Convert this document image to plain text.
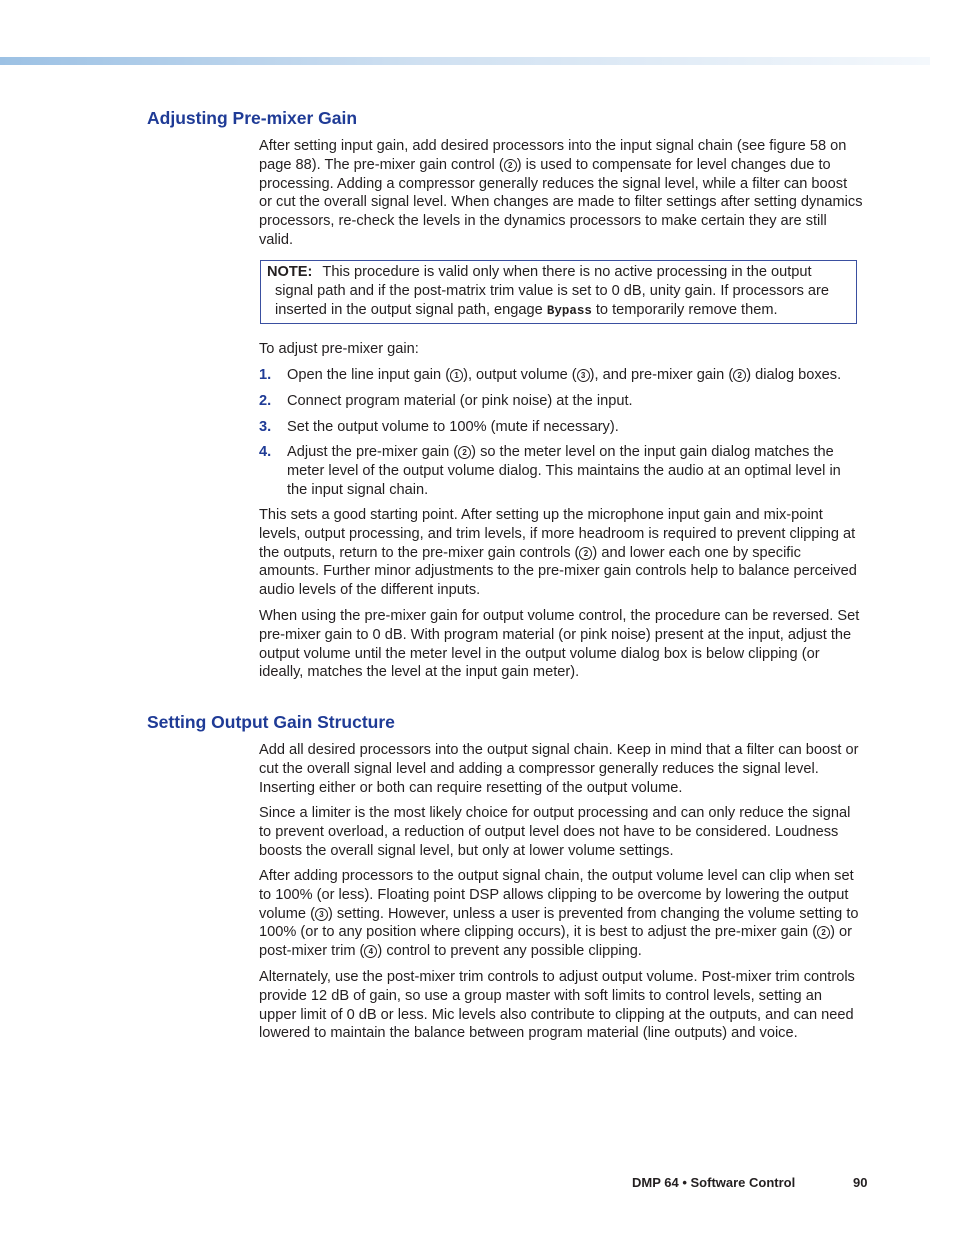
Adjusting Pre-mixer Gain

After setting input gain, add desired processors into the input signal chain (see figure 58 on page 88). The pre-mixer gain control ( 2 ) is used to compensate for level changes due to processing. Adding a compressor generally reduces the signal level, while a filter can boost or cut the overall signal level. When changes are made to filter settings after setting dynamics processors, re-check the levels in the dynamics processors to make certain they are still valid.

NOTE: This procedure is valid only when there is no active processing in the output signal path and if the post-matrix trim value is set to 0 dB, unity gain. If processors are inserted in the output signal path, engage Bypass to temporarily remove them.

To adjust pre-mixer gain:

1. Open the line input gain ( 1 ), output volume ( 3 ), and pre-mixer gain ( 2 ) dialog boxes.
2. Connect program material (or pink noise) at the input.
3. Set the output volume to 100% (mute if necessary).
4. Adjust the pre-mixer gain ( 2 ) so the meter level on the input gain dialog matches the meter level of the output volume dialog. This maintains the audio at an optimal level in the input signal chain.

This sets a good starting point. After setting up the microphone input gain and mix-point levels, output processing, and trim levels, if more headroom is required to prevent clipping at the outputs, return to the pre-mixer gain controls ( 2 ) and lower each one by specific amounts. Further minor adjustments to the pre-mixer gain controls help to balance perceived audio levels of the different inputs.

When using the pre-mixer gain for output volume control, the procedure can be reversed. Set pre-mixer gain to 0 dB. With program material (or pink noise) present at the input, adjust the output volume until the meter level in the output volume dialog box is below clipping (or ideally, matches the level at the input gain meter).

Setting Output Gain Structure

Add all desired processors into the output signal chain. Keep in mind that a filter can boost or cut the overall signal level and adding a compressor generally reduces the signal level. Inserting either or both can require resetting of the output volume.

Since a limiter is the most likely choice for output processing and can only reduce the signal to prevent overload, a reduction of output level does not have to be considered. Loudness boosts the overall signal level, but only at lower volume settings.

After adding processors to the output signal chain, the output volume level can clip when set to 100% (or less). Floating point DSP allows clipping to be overcome by lowering the output volume ( 3 ) setting. However, unless a user is prevented from changing the volume setting to 100% (or to any position where clipping occurs), it is best to adjust the pre-mixer gain ( 2 ) or post-mixer trim ( 4 ) control to prevent any possible clipping.

Alternately, use the post-mixer trim controls to adjust output volume. Post-mixer trim controls provide 12 dB of gain, so use a group master with soft limits to control levels, setting an upper limit of 0 dB or less. Mic levels also contribute to clipping at the outputs, and can need lowered to maintain the balance between program material (line outputs) and voice.

DMP 64 • Software Control	90
